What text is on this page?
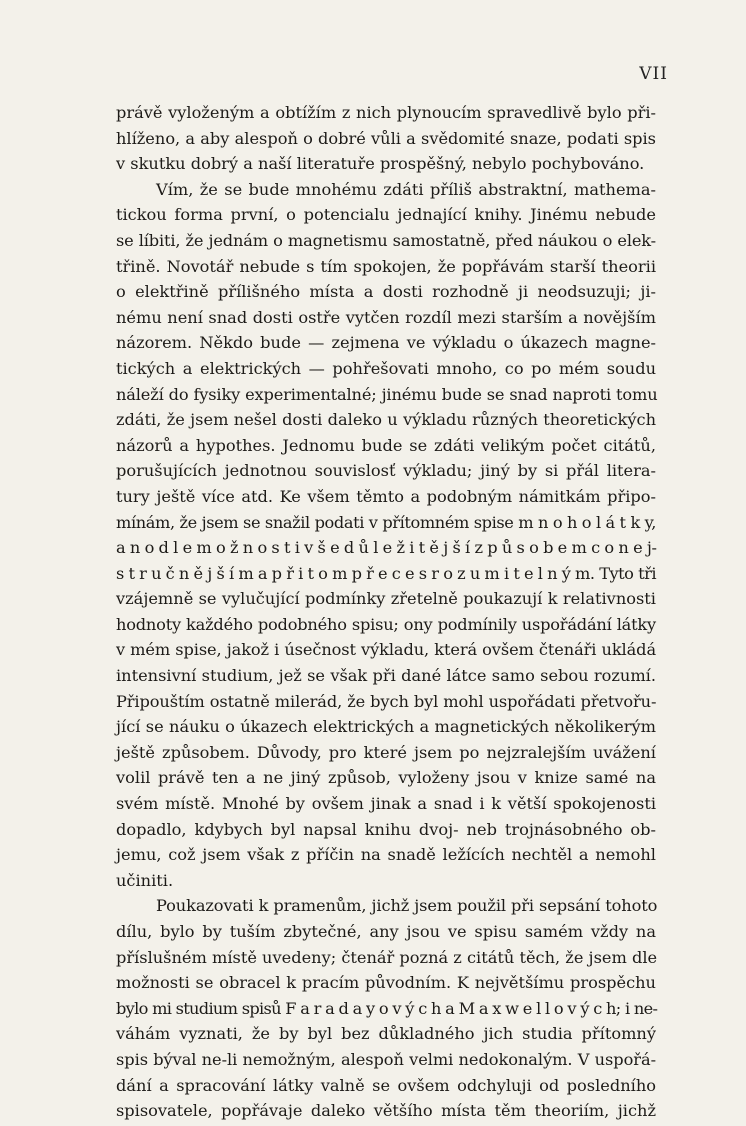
VII
právě vyloženým a obtížím z nich plynoucím spravedlivě bylo při-
hlíženo, a aby alespoň o dobré vůli a svědomité snaze, podati spis
v skutku dobrý a naší literatuře prospěšný, nebylo pochybováno.
Vím, že se bude mnohému zdáti příliš abstraktní, mathema-
tickou forma první, o potencialu jednající knihy. Jinému nebude
se líbiti, že jednám o magnetismu samostatně, před náukou o elek-
třině. Novotář nebude s tím spokojen, že popřávám starší theorii
o elektřině přílišného místa a dosti rozhodně ji neodsuzuji; ji-
nému není snad dosti ostře vytčen rozdíl mezi starším a novějším
názorem. Někdo bude — zejmena ve výkladu o úkazech magne-
tických a elektrických — pohřešovati mnoho, co po mém soudu
náleží do fysiky experimentalné; jinému bude se snad naproti tomu
zdáti, že jsem nešel dosti daleko u výkladu různých theoretických
názorů a hypothes. Jednomu bude se zdáti velikým počet citátů,
porušujících jednotnou souvislosť výkladu; jiný by si přál litera-
tury ještě více atd. Ke všem těmto a podobným námitkám připo-
mínám, že jsem se snažil podati v přítomném spise m n o h o l á t k y,
a n o d l e m o ž n o s t i v š e d ů l e ž i t ě j š í z p ů s o b e m c o n e j-
s t r u č n ě j š í m a p ř i t o m p ř e c e s r o z u m i t e l n ý m. Tyto tři
vzájemně se vylučující podmínky zřetelně poukazují k relativnosti
hodnoty každého podobného spisu; ony podmínily uspořádání látky
v mém spise, jakož i úsečnost výkladu, která ovšem čtenáři ukládá
intensivní studium, jež se však při dané látce samo sebou rozumí.
Připouštím ostatně milerád, že bych byl mohl uspořádati přetvořu-
jící se náuku o úkazech elektrických a magnetických několikerým
ještě způsobem. Důvody, pro které jsem po nejzralejším uvážení
volil právě ten a ne jiný způsob, vyloženy jsou v knize samé na
svém místě. Mnohé by ovšem jinak a snad i k větší spokojenosti
dopadlo, kdybych byl napsal knihu dvoj- neb trojnásobného ob-
jemu, což jsem však z příčin na snadě ležících nechtěl a nemohl
učiniti.
Poukazovati k pramenům, jichž jsem použil při sepsání tohoto
dílu, bylo by tuším zbytečné, any jsou ve spisu samém vždy na
příslušném místě uvedeny; čtenář pozná z citátů těch, že jsem dle
možnosti se obracel k pracím původním. K největšímu prospěchu
bylo mi studium spisů F a r a d a y o v ý c h a M a x w e l l o v ý c h; i ne-
váhám vyznati, že by byl bez důkladného jich studia přítomný
spis býval ne-li nemožným, alespoň velmi nedokonalým. V uspořá-
dání a spracování látky valně se ovšem odchyluji od posledního
spisovatele, popřávaje daleko většího místa těm theoriím, jichž
